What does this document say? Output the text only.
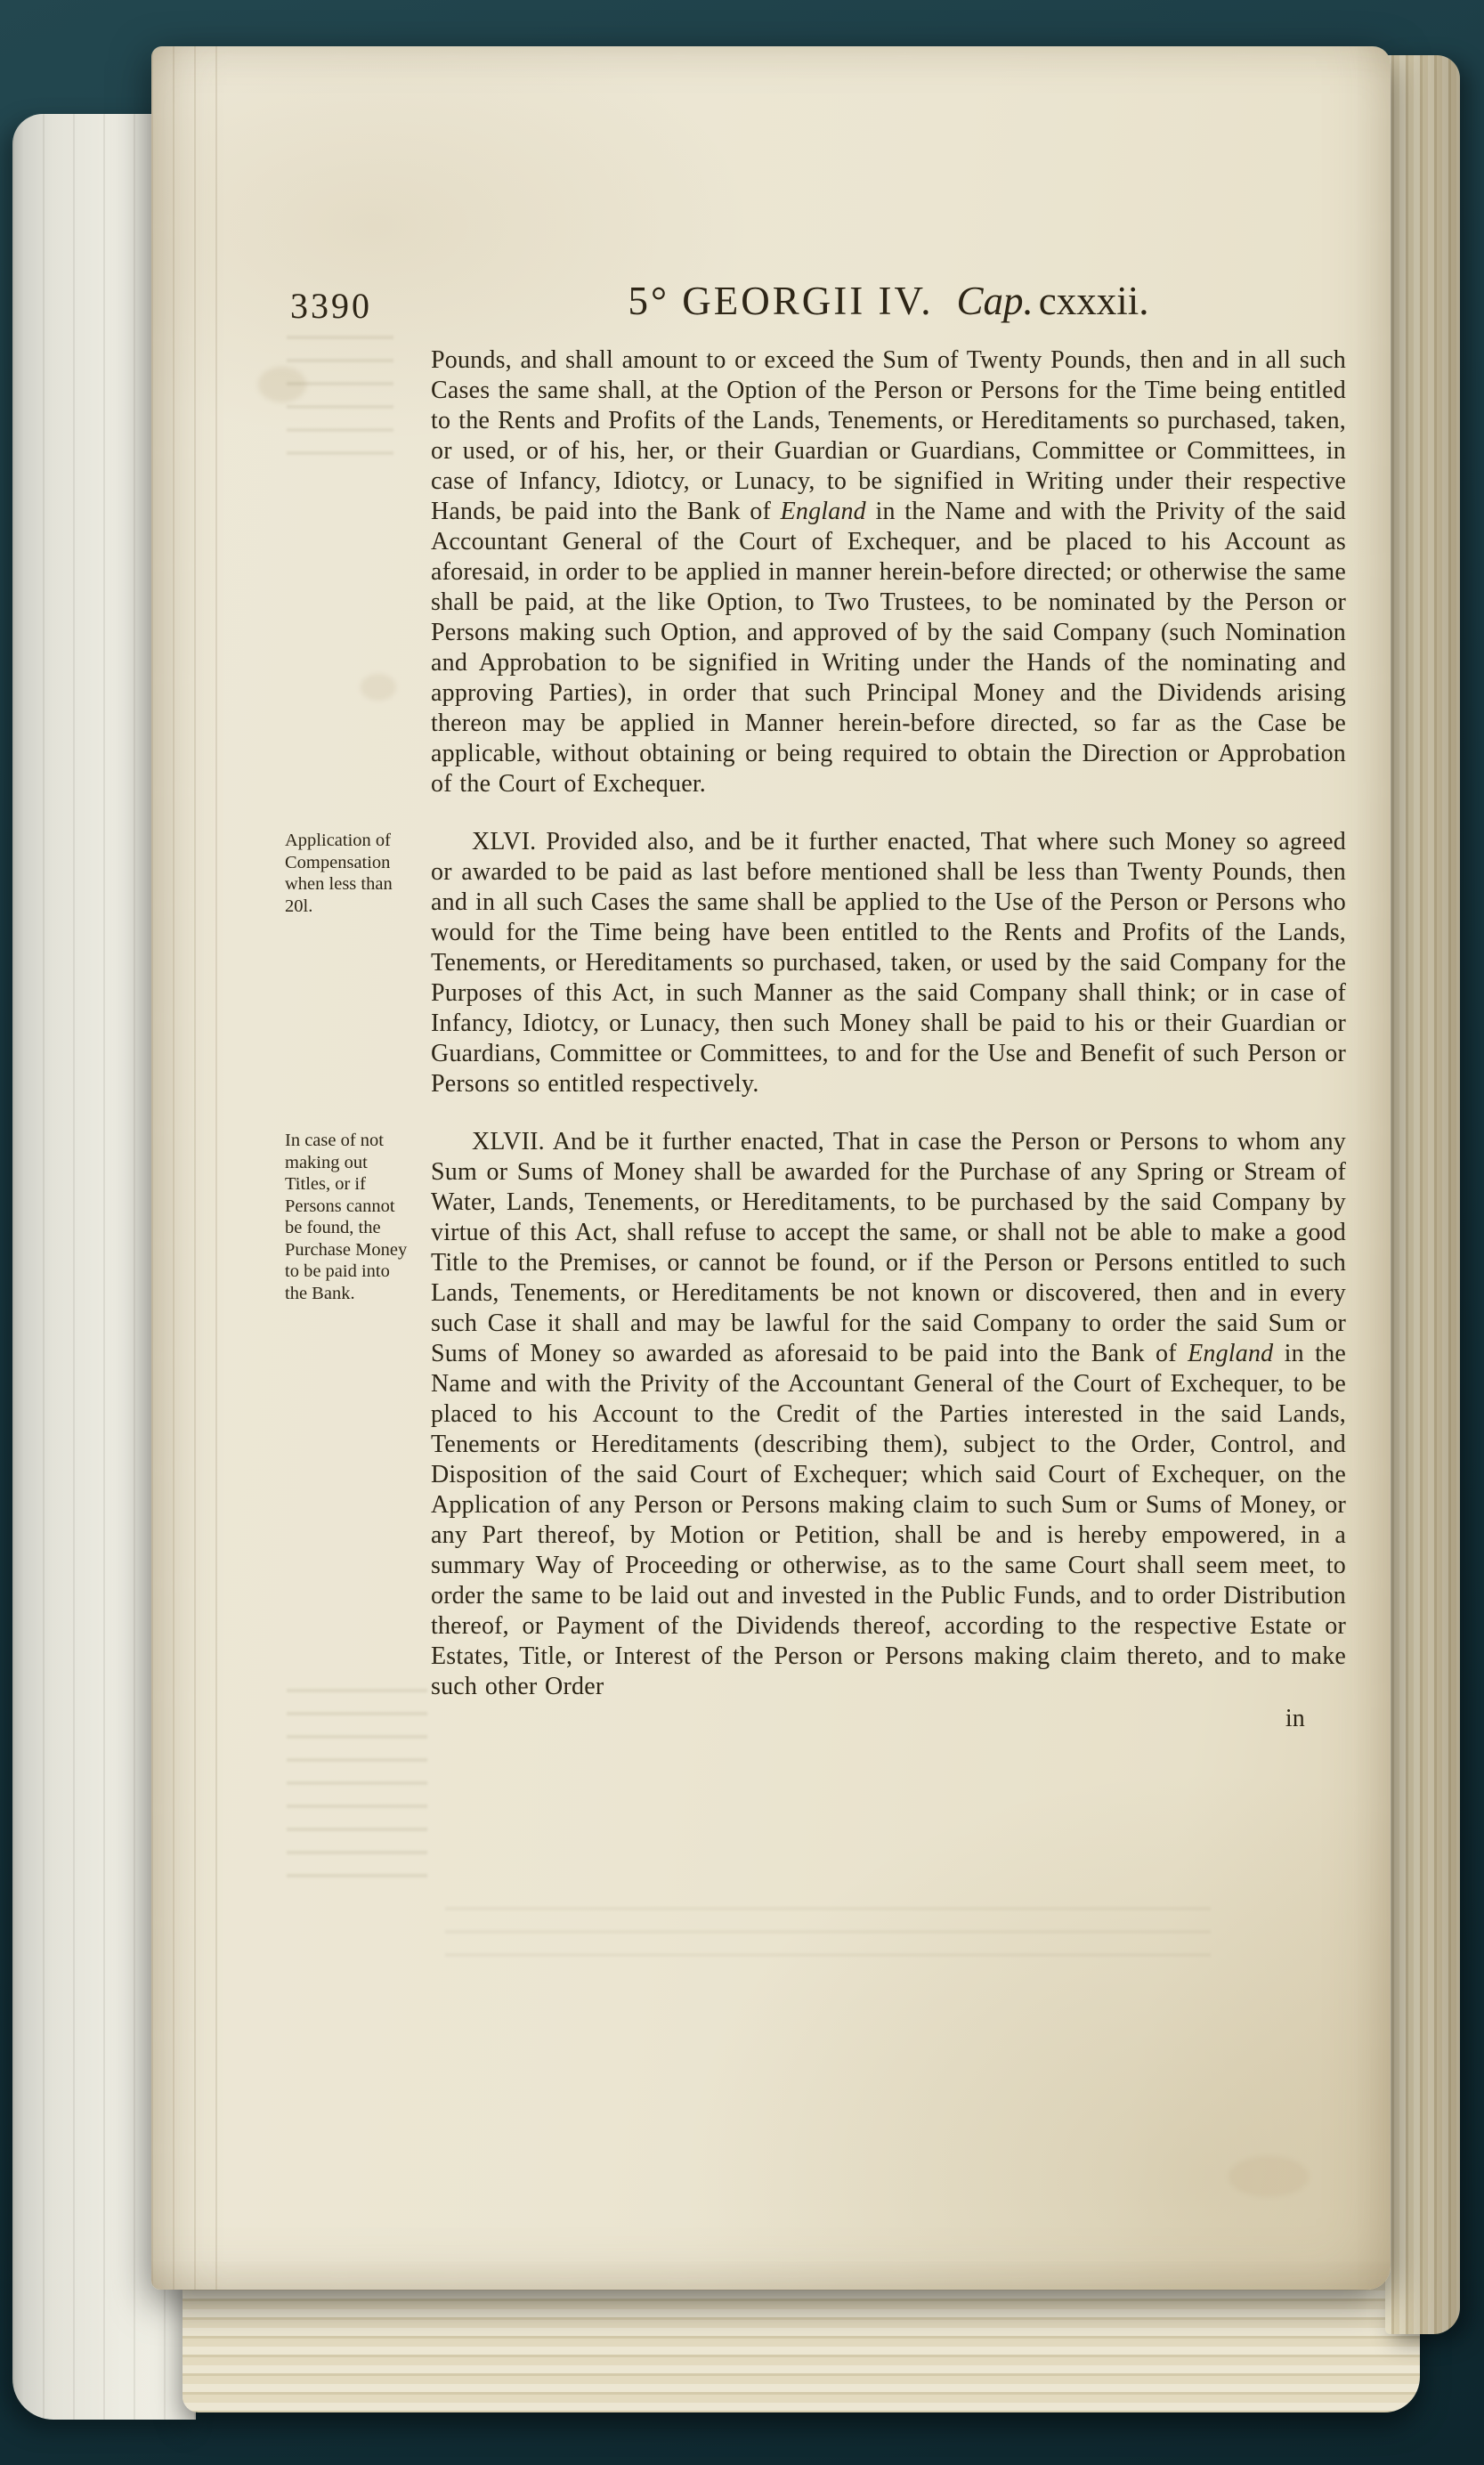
3390	5° GEORGII IV. Cap. cxxxii.
Pounds, and shall amount to or exceed the Sum of Twenty Pounds, then and in all such Cases the same shall, at the Option of the Person or Persons for the Time being entitled to the Rents and Profits of the Lands, Tenements, or Hereditaments so purchased, taken, or used, or of his, her, or their Guardian or Guardians, Committee or Committees, in case of Infancy, Idiotcy, or Lunacy, to be signified in Writing under their respective Hands, be paid into the Bank of England in the Name and with the Privity of the said Accountant General of the Court of Exchequer, and be placed to his Account as aforesaid, in order to be applied in manner herein-before directed; or otherwise the same shall be paid, at the like Option, to Two Trustees, to be nominated by the Person or Persons making such Option, and approved of by the said Company (such Nomination and Approbation to be signified in Writing under the Hands of the nominating and approving Parties), in order that such Principal Money and the Dividends arising thereon may be applied in Manner herein-before directed, so far as the Case be applicable, without obtaining or being required to obtain the Direction or Approbation of the Court of Exchequer.
Application of Compensation when less than 20l.
XLVI. Provided also, and be it further enacted, That where such Money so agreed or awarded to be paid as last before mentioned shall be less than Twenty Pounds, then and in all such Cases the same shall be applied to the Use of the Person or Persons who would for the Time being have been entitled to the Rents and Profits of the Lands, Tenements, or Hereditaments so purchased, taken, or used by the said Company for the Purposes of this Act, in such Manner as the said Company shall think; or in case of Infancy, Idiotcy, or Lunacy, then such Money shall be paid to his or their Guardian or Guardians, Committee or Committees, to and for the Use and Benefit of such Person or Persons so entitled respectively.
In case of not making out Titles, or if Persons cannot be found, the Purchase Money to be paid into the Bank.
XLVII. And be it further enacted, That in case the Person or Persons to whom any Sum or Sums of Money shall be awarded for the Purchase of any Spring or Stream of Water, Lands, Tenements, or Hereditaments, to be purchased by the said Company by virtue of this Act, shall refuse to accept the same, or shall not be able to make a good Title to the Premises, or cannot be found, or if the Person or Persons entitled to such Lands, Tenements, or Hereditaments be not known or discovered, then and in every such Case it shall and may be lawful for the said Company to order the said Sum or Sums of Money so awarded as aforesaid to be paid into the Bank of England in the Name and with the Privity of the Accountant General of the Court of Exchequer, to be placed to his Account to the Credit of the Parties interested in the said Lands, Tenements or Hereditaments (describing them), subject to the Order, Control, and Disposition of the said Court of Exchequer; which said Court of Exchequer, on the Application of any Person or Persons making claim to such Sum or Sums of Money, or any Part thereof, by Motion or Petition, shall be and is hereby empowered, in a summary Way of Proceeding or otherwise, as to the same Court shall seem meet, to order the same to be laid out and invested in the Public Funds, and to order Distribution thereof, or Payment of the Dividends thereof, according to the respective Estate or Estates, Title, or Interest of the Person or Persons making claim thereto, and to make such other Order
in
